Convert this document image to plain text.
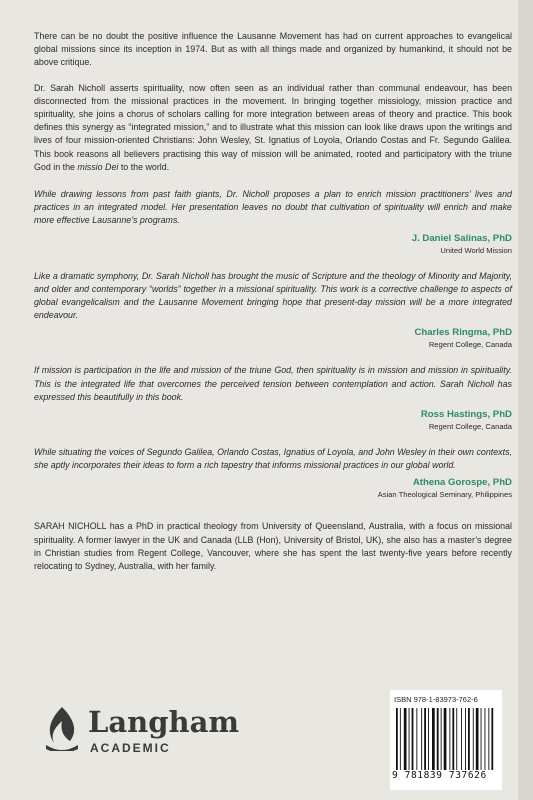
There can be no doubt the positive influence the Lausanne Movement has had on current approaches to evangelical global missions since its inception in 1974. But as with all things made and organized by humankind, it should not be above critique.

Dr. Sarah Nicholl asserts spirituality, now often seen as an individual rather than communal endeavour, has been disconnected from the missional practices in the movement. In bringing together missiology, mission practice and spirituality, she joins a chorus of scholars calling for more integration between areas of theory and practice. This book defines this synergy as “integrated mission,” and to illustrate what this mission can look like draws upon the writings and lives of four mission-oriented Christians: John Wesley, St. Ignatius of Loyola, Orlando Costas and Fr. Segundo Galilea. This book reasons all believers practising this way of mission will be animated, rooted and participatory with the triune God in the missio Dei to the world.

While drawing lessons from past faith giants, Dr. Nicholl proposes a plan to enrich mission practitioners’ lives and practices in an integrated model. Her presentation leaves no doubt that cultivation of spirituality will enrich and make more effective Lausanne’s programs.

J. Daniel Salinas, PhD
United World Mission

Like a dramatic symphony, Dr. Sarah Nicholl has brought the music of Scripture and the theology of Minority and Majority, and older and contemporary “worlds” together in a missional spirituality. This work is a corrective challenge to aspects of global evangelicalism and the Lausanne Movement bringing hope that present-day mission will be a more integrated endeavour.

Charles Ringma, PhD
Regent College, Canada

If mission is participation in the life and mission of the triune God, then spirituality is in mission and mission in spirituality. This is the integrated life that overcomes the perceived tension between contemplation and action. Sarah Nicholl has expressed this beautifully in this book.

Ross Hastings, PhD
Regent College, Canada

While situating the voices of Segundo Galilea, Orlando Costas, Ignatius of Loyola, and John Wesley in their own contexts, she aptly incorporates their ideas to form a rich tapestry that informs missional practices in our global world.

Athena Gorospe, PhD
Asian Theological Seminary, Philippines

SARAH NICHOLL has a PhD in practical theology from University of Queensland, Australia, with a focus on missional spirituality. A former lawyer in the UK and Canada (LLB (Hon), University of Bristol, UK), she also has a master’s degree in Christian studies from Regent College, Vancouver, where she has spent the last twenty-five years before recently relocating to Sydney, Australia, with her family.

Langham
ACADEMIC
ISBN 978-1-83973-762-6
9 781839 737626
